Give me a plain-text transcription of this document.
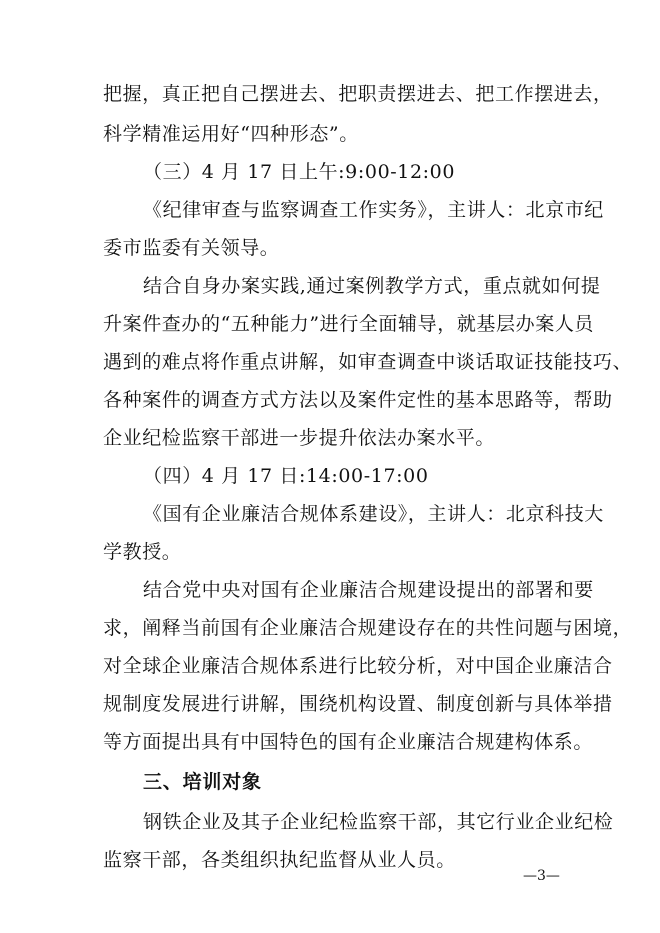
把握，真正把自己摆进去、把职责摆进去、把工作摆进去，
科学精准运用好“四种形态”。
（三）4 月 17 日上午:9:00-12:00
《纪律审查与监察调查工作实务》，主讲人：北京市纪
委市监委有关领导。
结合自身办案实践,通过案例教学方式，重点就如何提
升案件查办的“五种能力”进行全面辅导，就基层办案人员
遇到的难点将作重点讲解，如审查调查中谈话取证技能技巧、
各种案件的调查方式方法以及案件定性的基本思路等，帮助
企业纪检监察干部进一步提升依法办案水平。
（四）4 月 17 日:14:00-17:00
《国有企业廉洁合规体系建设》，主讲人：北京科技大
学教授。
结合党中央对国有企业廉洁合规建设提出的部署和要
求，阐释当前国有企业廉洁合规建设存在的共性问题与困境，
对全球企业廉洁合规体系进行比较分析，对中国企业廉洁合
规制度发展进行讲解，围绕机构设置、制度创新与具体举措
等方面提出具有中国特色的国有企业廉洁合规建构体系。
三、培训对象
钢铁企业及其子企业纪检监察干部，其它行业企业纪检
监察干部，各类组织执纪监督从业人员。
—3—
